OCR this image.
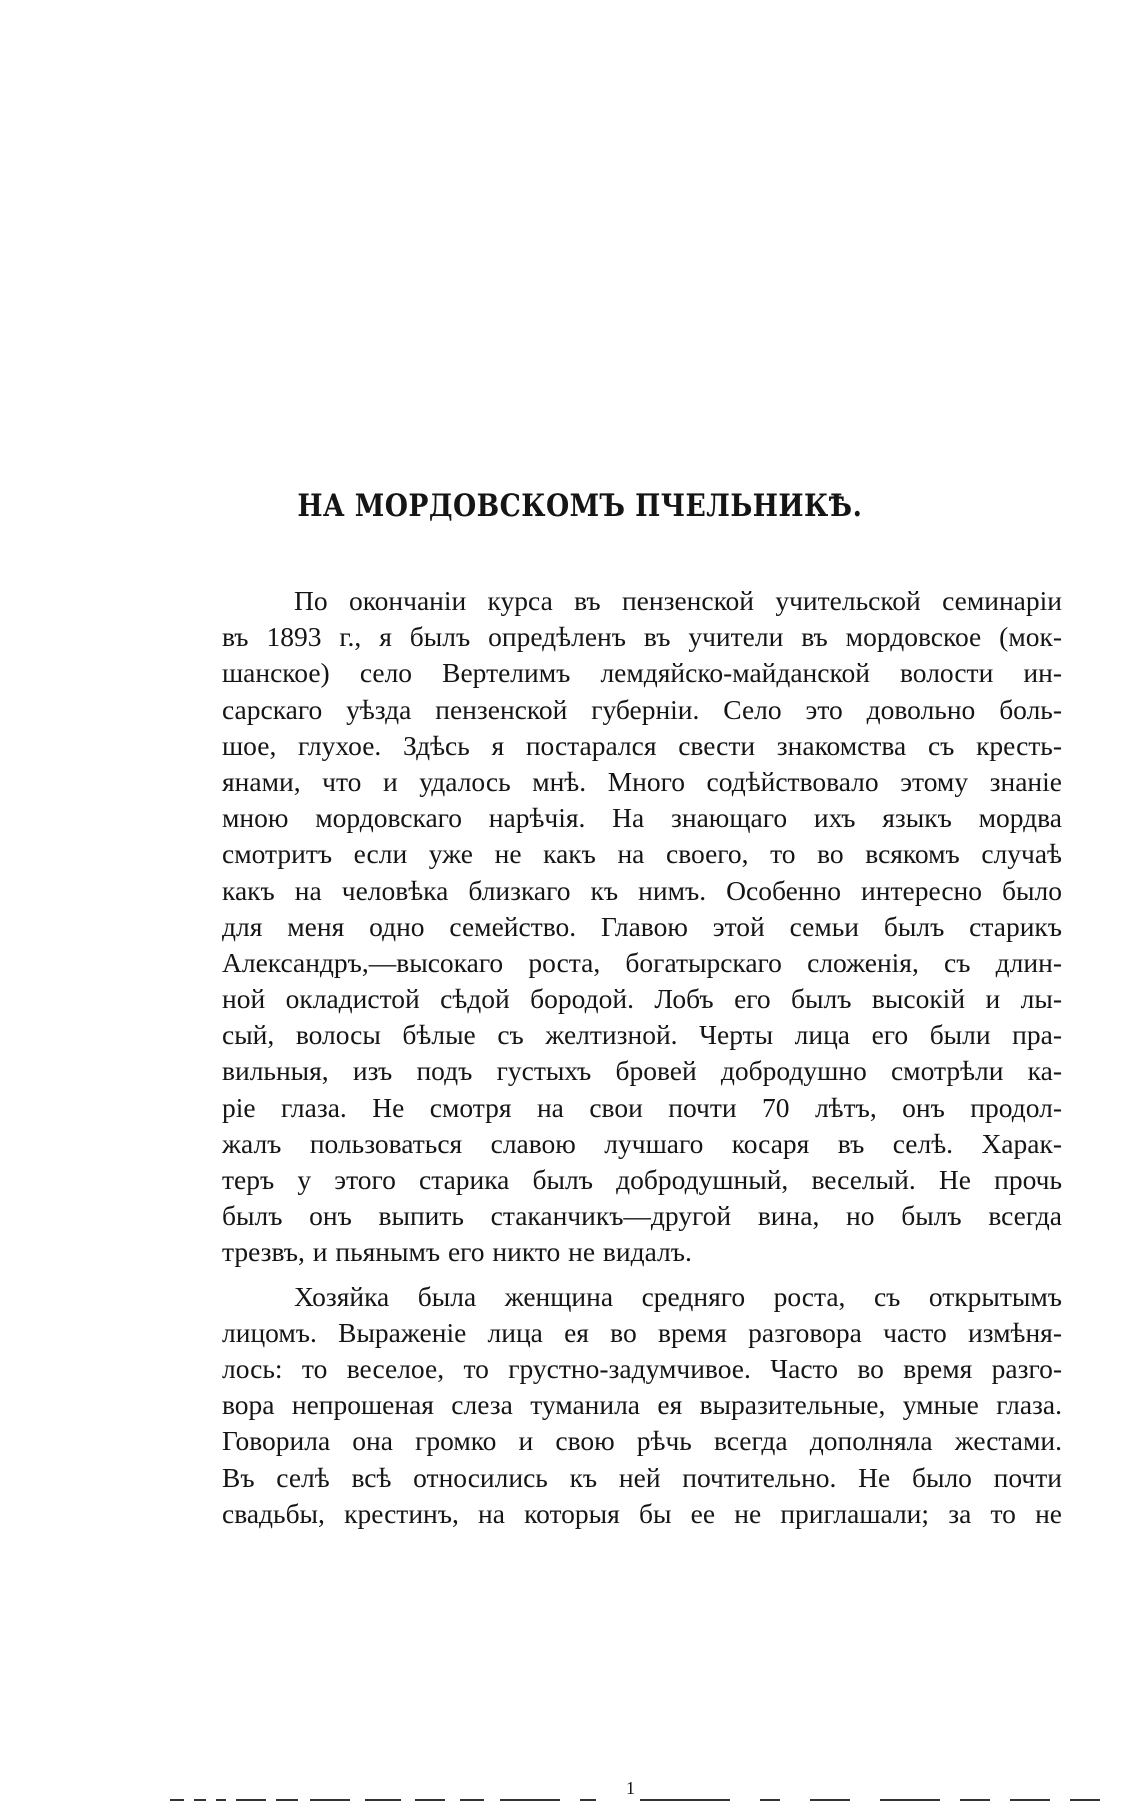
НА МОРДОВСКОМЪ ПЧЕЛЬНИКѢ.
По окончаніи курса въ пензенской учительской семинаріи
въ 1893 г., я былъ опредѣленъ въ учители въ мордовское (мок-
шанское) село Вертелимъ лемдяйско-майданской волости ин-
сарскаго уѣзда пензенской губерніи. Село это довольно боль-
шое, глухое. Здѣсь я постарался свести знакомства съ кресть-
янами, что и удалось мнѣ. Много содѣйствовало этому знаніе
мною мордовскаго нарѣчія. На знающаго ихъ языкъ мордва
смотритъ если уже не какъ на своего, то во всякомъ случаѣ
какъ на человѣка близкаго къ нимъ. Особенно интересно было
для меня одно семейство. Главою этой семьи былъ старикъ
Александръ,—высокаго роста, богатырскаго сложенія, съ длин-
ной окладистой сѣдой бородой. Лобъ его былъ высокій и лы-
сый, волосы бѣлые съ желтизной. Черты лица его были пра-
вильныя, изъ подъ густыхъ бровей добродушно смотрѣли ка-
ріе глаза. Не смотря на свои почти 70 лѣтъ, онъ продол-
жалъ пользоваться славою лучшаго косаря въ селѣ. Харак-
теръ у этого старика былъ добродушный, веселый. Не прочь
былъ онъ выпить стаканчикъ—другой вина, но былъ всегда
трезвъ, и пьянымъ его никто не видалъ.
Хозяйка была женщина средняго роста, съ открытымъ
лицомъ. Выраженіе лица ея во время разговора часто измѣня-
лось: то веселое, то грустно-задумчивое. Часто во время разго-
вора непрошеная слеза туманила ея выразительные, умные глаза.
Говорила она громко и свою рѣчь всегда дополняла жестами.
Въ селѣ всѣ относились къ ней почтительно. Не было почти
свадьбы, крестинъ, на которыя бы ее не приглашали; за то не
1
